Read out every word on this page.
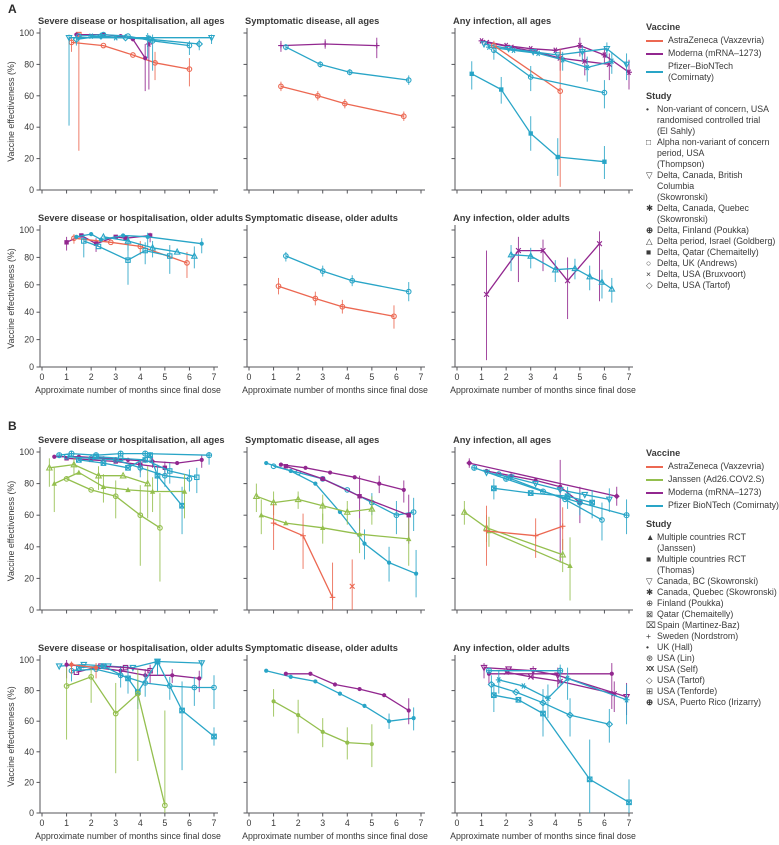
A
B
Severe disease or hospitalisation, all ages
0
20
40
60
80
100
Vaccine effectiveness (%)
Symptomatic disease, all ages	Any infection, all ages
Severe disease or hospitalisation, older adults
0
20
40
60
80
100
0 1 2 3 4 5 6 7
Approximate number of months since final dose
Vaccine effectiveness (%)
Symptomatic disease, older adults
0 1 2 3 4 5 6 7
Approximate number of months since final dose
Any infection, older adults
0 1 2 3 4 5 6 7
Approximate number of months since final dose
Severe disease or hospitalisation, all ages
0
20
40
60
80
100
Vaccine effectiveness (%)
Symptomatic disease, all ages	Any infection, all ages
Severe disease or hospitalisation, older adults
0
20
40
60
80
100
0 1 2 3 4 5 6 7
Approximate number of months since final dose
Vaccine effectiveness (%)
Symptomatic disease, older adults
0 1 2 3 4 5 6 7
Approximate number of months since final dose
Any infection, older adults
0 1 2 3 4 5 6 7
Approximate number of months since final dose
Vaccine
AstraZeneca (Vaxzevria)
Moderna (mRNA–1273)
Pfizer–BioNTech (Comirnaty)
Study
• Non-variant of concern, USA
randomised controlled trial
(El Sahly)
□ Alpha non-variant of concern
period, USA
(Thompson)
▽ Delta, Canada, British Columbia
(Skowronski)
✱ Delta, Canada, Quebec
(Skowronski)
⊕ Delta, Finland (Poukka)
△ Delta period, Israel (Goldberg)
■ Delta, Qatar (Chemaitelly)
○ Delta, UK (Andrews)
× Delta, USA (Bruxvoort)
◇ Delta, USA (Tartof)
Vaccine
AstraZeneca (Vaxzevria)
Janssen (Ad26.COV2.S)
Moderna (mRNA–1273)
Pfizer BioNTech (Comirnaty)
Study
▲ Multiple countries RCT (Janssen)
■ Multiple countries RCT (Thomas)
▽ Canada, BC (Skowronski)
✱ Canada, Quebec (Skowronski)
⊕ Finland (Poukka)
⊠ Qatar (Chemaitelly)
⌧ Spain (Martinez-Baz)
+ Sweden (Nordstrom)
• UK (Hall)
⊛ USA (Lin)
XX USA (Self)
◇ USA (Tartof)
⊞ USA (Tenforde)
⊕ USA, Puerto Rico (Irizarry)
